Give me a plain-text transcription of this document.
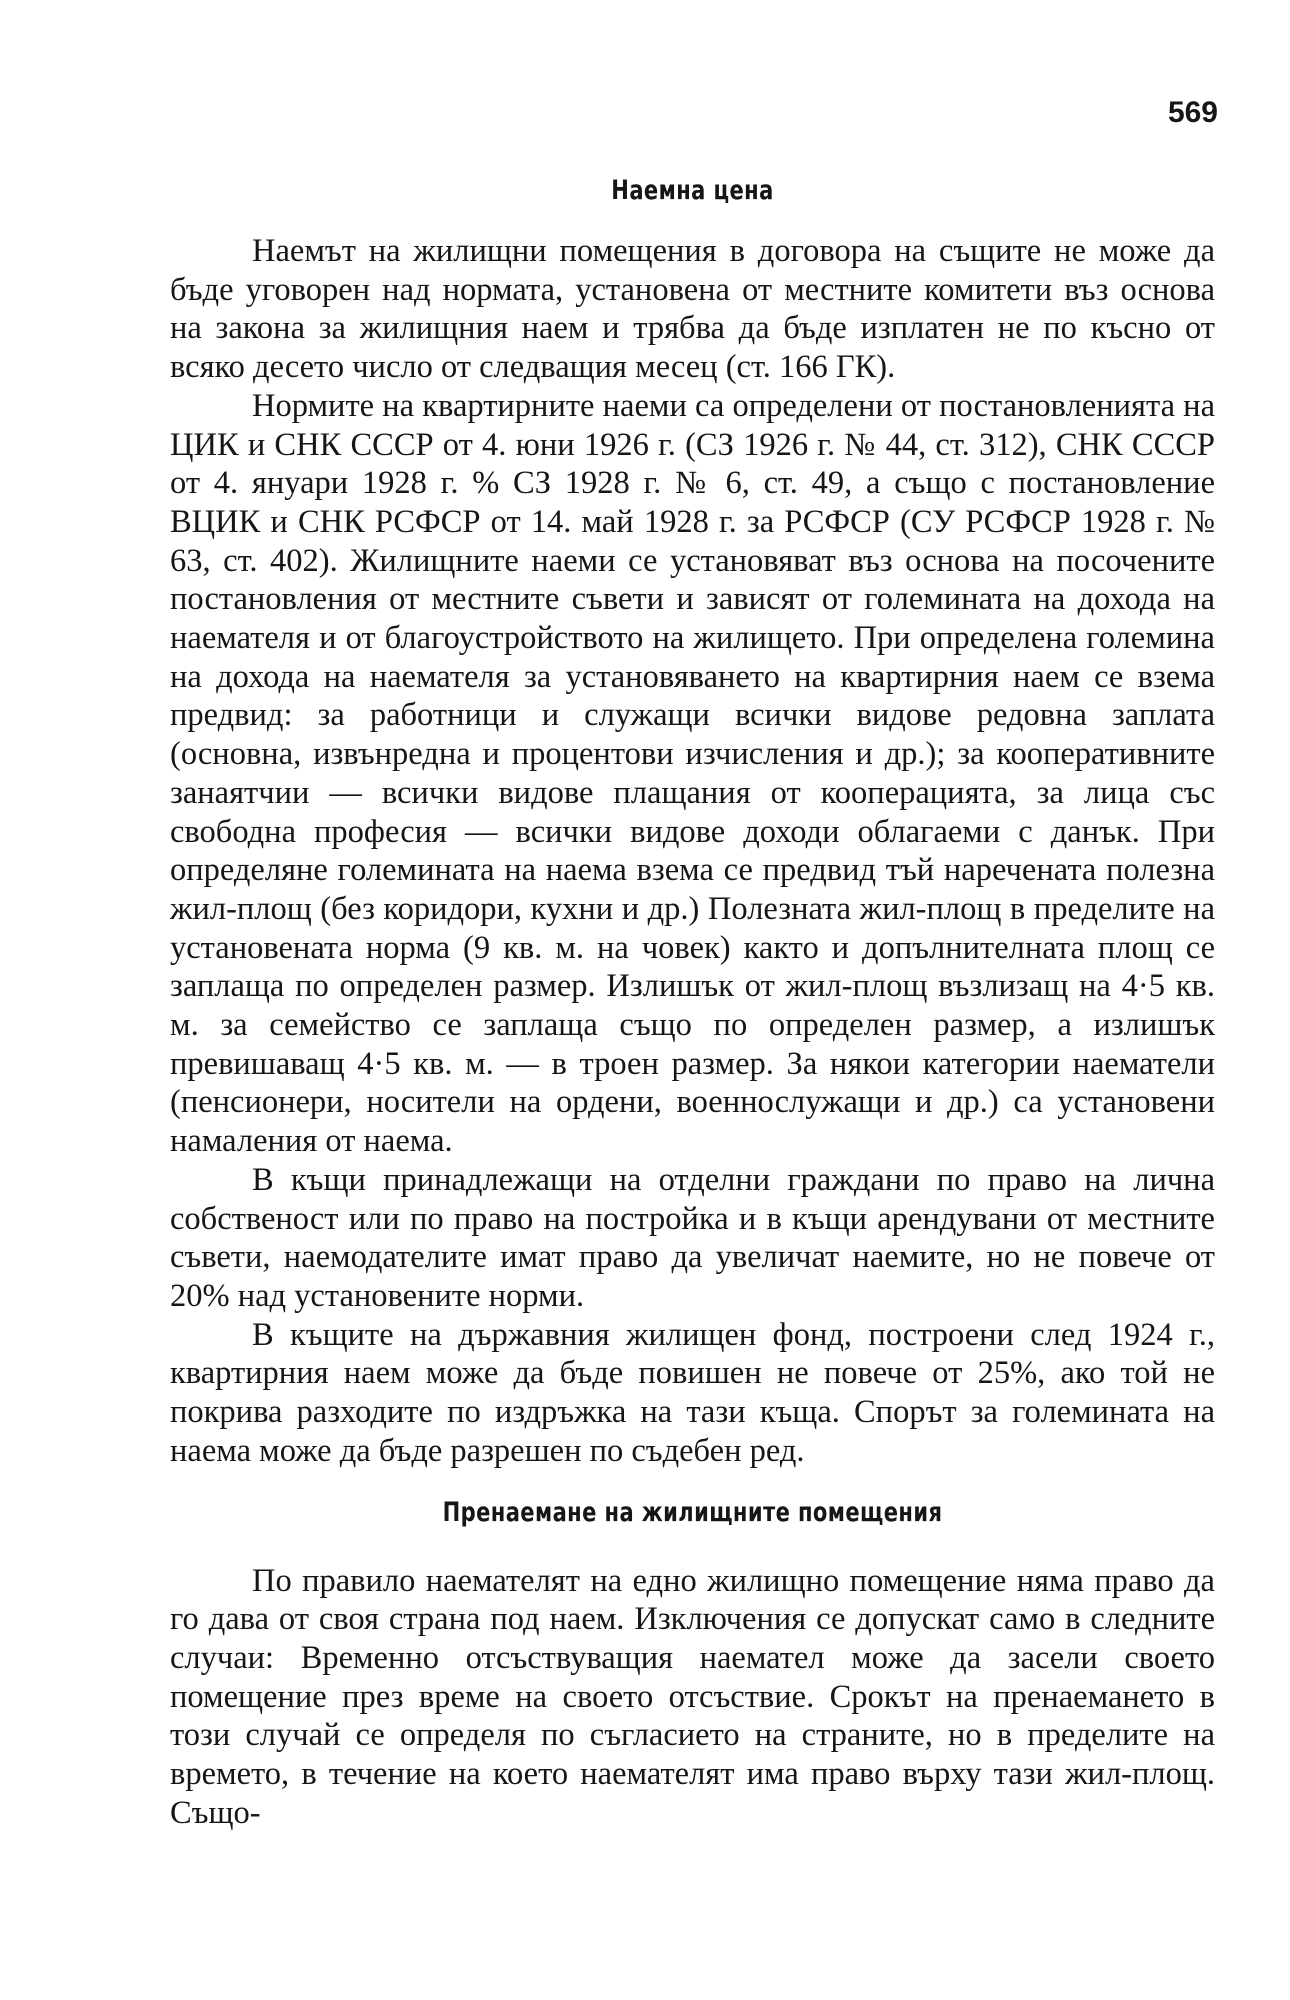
569
Наемна цена

Наемът на жилищни помещения в договора на същите не може да бъде уговорен над нормата, установена от местните комитети въз основа на закона за жилищния наем и трябва да бъде изплатен не по късно от всяко десето число от следващия месец (ст. 166 ГК).

Нормите на квартирните наеми са определени от постановленията на ЦИК и СНК СССР от 4. юни 1926 г. (СЗ 1926 г. № 44, ст. 312), СНК СССР от 4. януари 1928 г. % СЗ 1928 г. № 6, ст. 49, а също с постановление ВЦИК и СНК РСФСР от 14. май 1928 г. за РСФСР (СУ РСФСР 1928 г. № 63, ст. 402). Жилищните наеми се установяват въз основа на посочените постановления от местните съвети и зависят от големината на дохода на наемателя и от благоустройството на жилището. При определена големина на дохода на наемателя за установяването на квартирния наем се взема предвид: за работници и служащи всички видове редовна заплата (основна, извънредна и процентови изчисления и др.); за кооперативните занаятчии — всички видове плащания от кооперацията, за лица със свободна професия — всички видове доходи облагаеми с данък. При определяне големината на наема взема се предвид тъй наречената полезна жил-площ (без коридори, кухни и др.) Полезната жил-площ в пределите на установената норма (9 кв. м. на човек) както и допълнителната площ се заплаща по определен размер. Излишък от жил-площ възлизащ на 4·5 кв. м. за семейство се заплаща също по определен размер, а излишък превишаващ 4·5 кв. м. — в троен размер. За някои категории наематели (пенсионери, носители на ордени, военнослужащи и др.) са установени намаления от наема.

В къщи принадлежащи на отделни граждани по право на лична собственост или по право на постройка и в къщи арендувани от местните съвети, наемодателите имат право да увеличат наемите, но не повече от 20% над установените норми.

В къщите на държавния жилищен фонд, построени след 1924 г., квартирния наем може да бъде повишен не повече от 25%, ако той не покрива разходите по издръжка на тази къща. Спорът за големината на наема може да бъде разрешен по съдебен ред.

Пренаемане на жилищните помещения

По правило наемателят на едно жилищно помещение няма право да го дава от своя страна под наем. Изключения се допускат само в следните случаи: Временно отсъствуващия наемател може да засели своето помещение през време на своето отсъствие. Срокът на пренаемането в този случай се определя по съгласието на страните, но в пределите на времето, в течение на което наемателят има право върху тази жил-площ. Също-
